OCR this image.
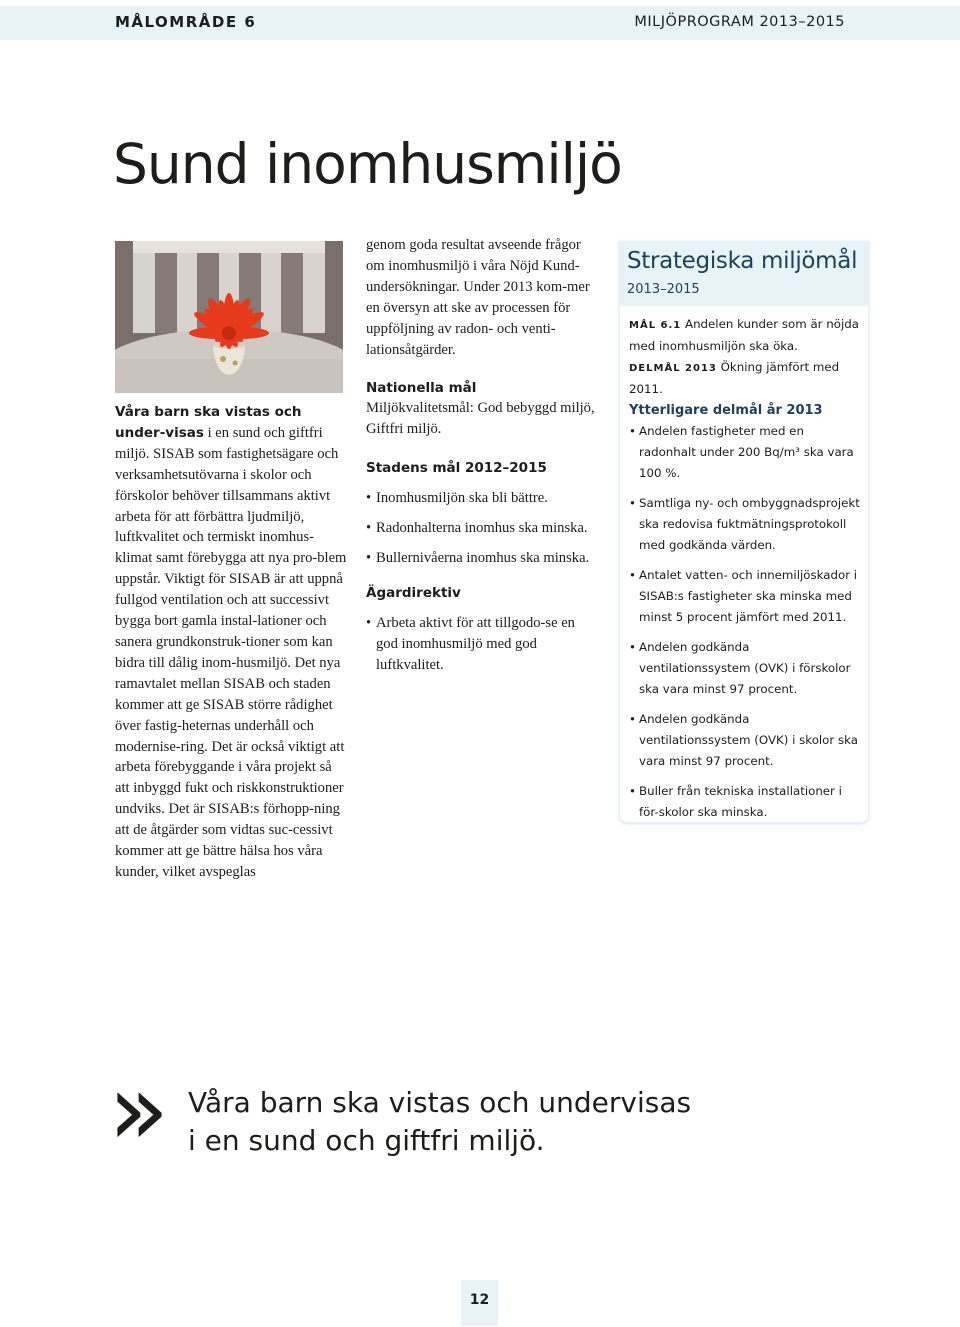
MÅLOMRÅDE 6	MILJÖPROGRAM 2013–2015
Sund inomhusmiljö

Våra barn ska vistas och under-visas i en sund och giftfri miljö. SISAB som fastighetsägare och verksamhetsutövarna i skolor och förskolor behöver tillsammans aktivt arbeta för att förbättra ljudmiljö, luftkvalitet och termiskt inomhus-klimat samt förebygga att nya pro-blem uppstår. Viktigt för SISAB är att uppnå fullgod ventilation och att successivt bygga bort gamla instal-lationer och sanera grundkonstruk-tioner som kan bidra till dålig inom-husmiljö. Det nya ramavtalet mellan SISAB och staden kommer att ge SISAB större rådighet över fastig-heternas underhåll och modernise-ring. Det är också viktigt att arbeta förebyggande i våra projekt så att inbyggd fukt och riskkonstruktioner undviks. Det är SISAB:s förhopp-ning att de åtgärder som vidtas suc-cessivt kommer att ge bättre hälsa hos våra kunder, vilket avspeglas

genom goda resultat avseende frågor om inomhusmiljö i våra Nöjd Kund-undersökningar. Under 2013 kom-mer en översyn att ske av processen för uppföljning av radon- och venti-lationsåtgärder.

Nationella mål

Miljökvalitetsmål: God bebyggd miljö, Giftfri miljö.

Stadens mål 2012–2015

• Inomhusmiljön ska bli bättre.
• Radonhalterna inomhus ska minska.
• Bullernivåerna inomhus ska minska.

Ägardirektiv

• Arbeta aktivt för att tillgodo-se en god inomhusmiljö med god luftkvalitet.
Strategiska miljömål
2013–2015

MÅL 6.1 Andelen kunder som är nöjda med inomhusmiljön ska öka.

DELMÅL 2013 Ökning jämfört med 2011.

Ytterligare delmål år 2013

• Andelen fastigheter med en radonhalt under 200 Bq/m³ ska vara 100 %.
• Samtliga ny- och ombyggnadsprojekt ska redovisa fuktmätningsprotokoll med godkända värden.
• Antalet vatten- och innemiljöskador i SISAB:s fastigheter ska minska med minst 5 procent jämfört med 2011.
• Andelen godkända ventilationssystem (OVK) i förskolor ska vara minst 97 procent.
• Andelen godkända ventilationssystem (OVK) i skolor ska vara minst 97 procent.
• Buller från tekniska installationer i för-skolor ska minska.
» Våra barn ska vistas och undervisas
i en sund och giftfri miljö.
12
